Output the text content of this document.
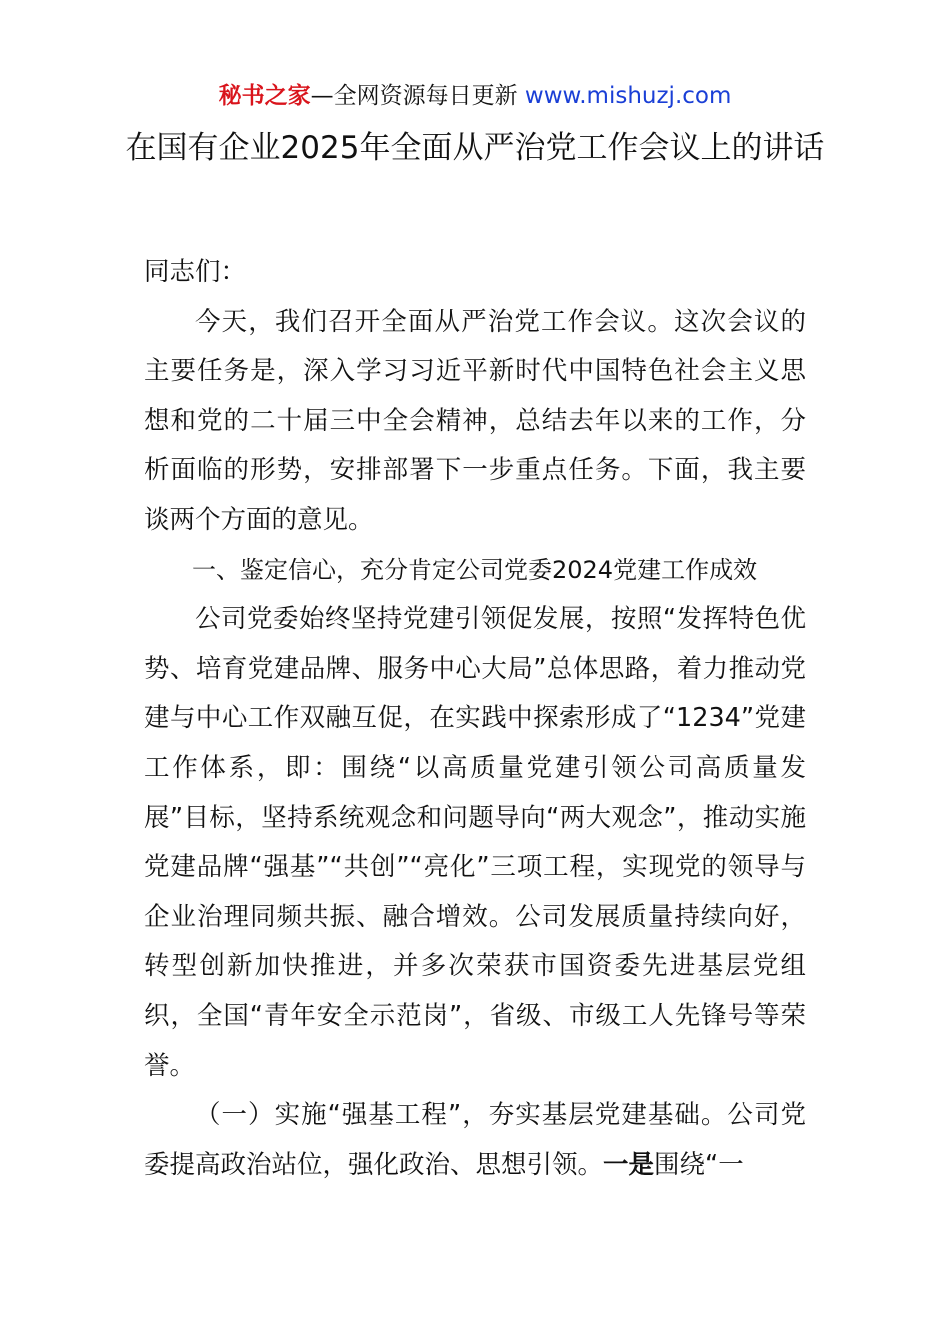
秘书之家—全网资源每日更新 www.mishuzj.com
在国有企业2025年全面从严治党工作会议上的讲话

同志们：

今天，我们召开全面从严治党工作会议。这次会议的主要任务是，深入学习习近平新时代中国特色社会主义思想和党的二十届三中全会精神，总结去年以来的工作，分析面临的形势，安排部署下一步重点任务。下面，我主要谈两个方面的意见。

一、鉴定信心，充分肯定公司党委2024党建工作成效

公司党委始终坚持党建引领促发展，按照“发挥特色优势、培育党建品牌、服务中心大局”总体思路，着力推动党建与中心工作双融互促，在实践中探索形成了“1234”党建工作体系，即：围绕“以高质量党建引领公司高质量发展”目标，坚持系统观念和问题导向“两大观念”，推动实施党建品牌“强基”“共创”“亮化”三项工程，实现党的领导与企业治理同频共振、融合增效。公司发展质量持续向好，转型创新加快推进，并多次荣获市国资委先进基层党组织，全国“青年安全示范岗”，省级、市级工人先锋号等荣誉。

（一）实施“强基工程”，夯实基层党建基础。公司党委提高政治站位，强化政治、思想引领。一是围绕“一
